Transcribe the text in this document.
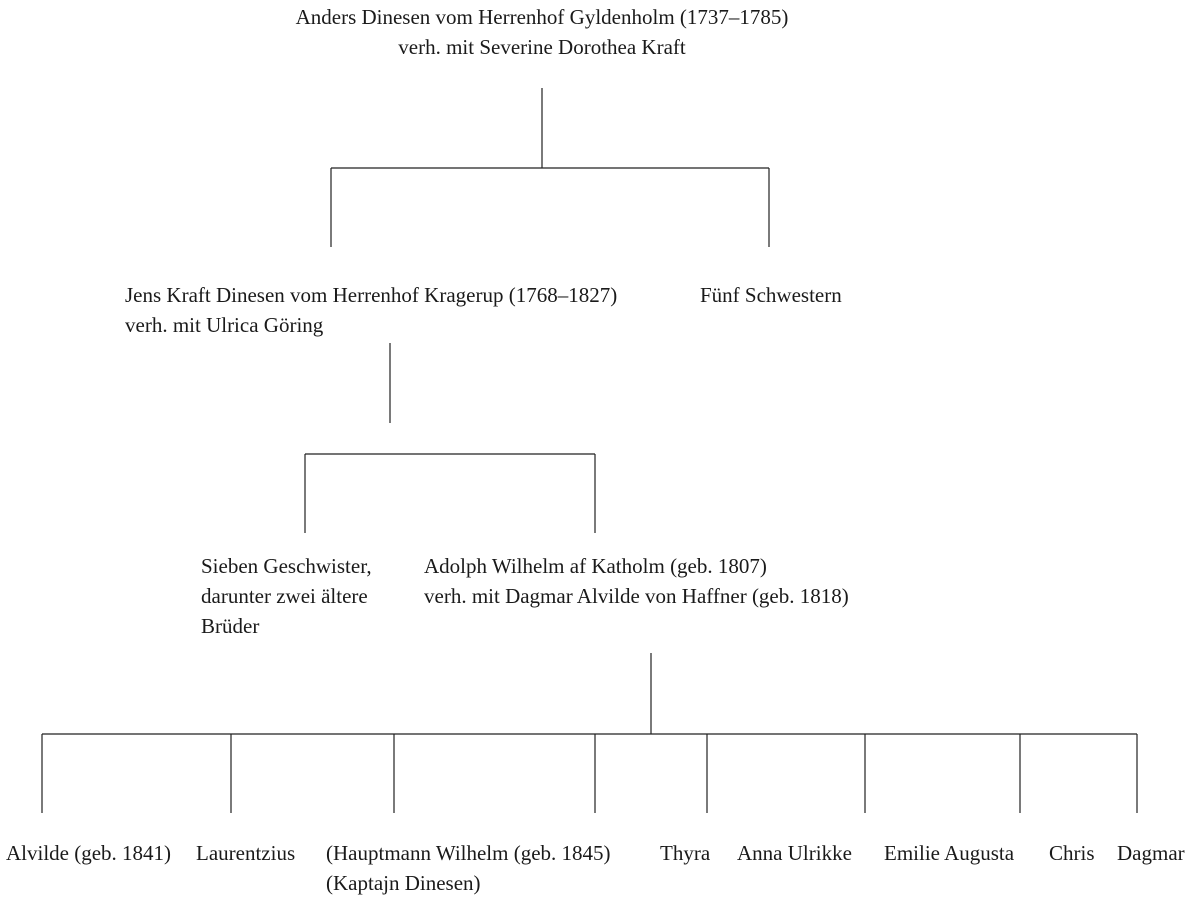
Anders Dinesen vom Herrenhof Gyldenholm (1737–1785)
verh. mit Severine Dorothea Kraft
Jens Kraft Dinesen vom Herrenhof Kragerup (1768–1827)
verh. mit Ulrica Göring
Fünf Schwestern
Sieben Geschwister,
darunter zwei ältere
Brüder
Adolph Wilhelm af Katholm (geb. 1807)
verh. mit Dagmar Alvilde von Haffner (geb. 1818)
Alvilde (geb. 1841) Laurentzius (Hauptmann Wilhelm (geb. 1845)
(Kaptajn Dinesen)
Thyra Anna Ulrikke Emilie Augusta Chris Dagmar
